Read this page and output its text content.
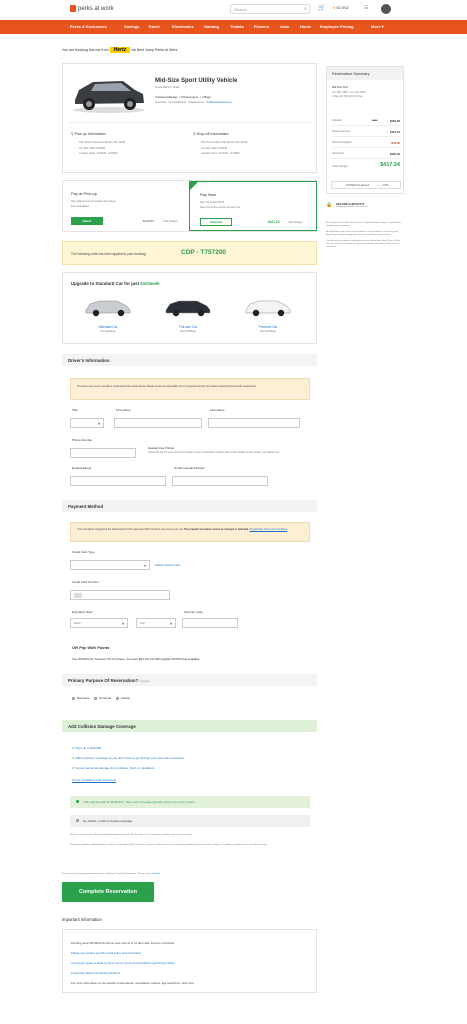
perks at work	Search	⌕ 🛒 ● 62,902	☰
Perks & Exclusives	Savings Travel	Electronics	Gaming	Tickets	Flowers	Auto	Home Employee Pricing	More ▾
You are booking this car from Hertz via Next Jump Perks at Work
Mid-Size Sport Utility Vehicle
Toyota RAV4 or Similar
Unlimited Mileage  |  5 Passengers  |  4 Bags
Automatic · Air Conditioning · Unleaded Fuel · Additional Equipment ▸
⚲ Pick-up Information
100 Tremont Street Kla, Boston, MA, 02108
Jun 19th, 2018 12:00PM
Location Hours: 12:00AM - 11:59PM
⚲ Drop-off Information
100 Tremont Street Kla, Boston, MA, 02108
Jun 21st, 2018 12:00PM
Location Hours: 12:00AM - 11:59PM
Pay at Pick-up
Pay rental amount at location upon pickup
Free cancellation
Select	$428.80	Total Charges
Pay Now
Pay now to save $6.29
Save time at the counter and pay now
Selected	$417.24	Total Charges
The following code has been applied to your booking:	CDP - T757200
Upgrade to Standard Car for just $10/week
Standard Car
Plus $2/Week
Full-size Car
Plus $10/Week
Premium Car
Plus $14/Week
Driver's Information
The driver may need to provide a credit card at the rental counter. Please review the acceptable forms of payment for this car rental to determine the specific requirement.
Title
▾
First Name	Last Name
Phone Number
Hassle-Free Pickup
Check this box for a one-time text reminder of your confirmation number and counter details 6 hours before your pickup time.
Email Address	Confirm Email Address
Payment Method
Your card will be charged for the total amount of this reservation $417.24 when you reserve your car. This prepaid reservation cannot be changed or refunded. Prepaid Rate Terms and Conditions
Credit Card Type
▾	Select Saved Card
Credit Card Number
Expiration Date
Month	▾	Year	▾
Security Code
OR Pay With Points
Use WOWPoints Towards This Purchase. You have $94,122 (41,360) eligible WOWPoints available.
Primary Purpose Of Reservation? Optional
Business	Personal	Family
Add Collision Damage Coverage
✔ Pays up to $40,000
✔ Offers primary coverage so you don't have to go through your own auto insurance
✔ Covers rental car damage from collision, theft, or vandalism.
Terms, conditions and exclusions
YES, add this plan for $9.99/day*. Save now! Coverage typically costs more at the counter.
No, thanks. I prefer to decline coverage.
*Rate for customers with a New York State billing address fee will be $7.99 per day. CDI is charged per rental day and is per car per rental.
Offered through Allianz Global Assistance. Insurance underwritten by BCS Insurance Company or Jefferson Insurance Company, depending on insured's state of residence. Visit Allianz's website to learn more about this plan.
Please read the important information before clicking "Complete Reservation". You are using Go Now
Complete Reservation
Important Information
Pending travel WOWPoints will not post until up to 21 days after travel is completed.
Please see location specific rental policy and information
You hereby agree to abide by Next Jump's Terms And Conditions and Privacy Policy.
Frequently Asked Car Rental Questions
For more information on car-specific rental policies, cancellation policies, age restrictions, click here.
Reservation Summary
Mid-Size SUV
Jun 19th, 2018 - Jun 21st, 2018
2 Days @ USD 221.00 / Day
Subtotal	$442	$384.28
Taxes and Fees	$113.04
Discount Applied	-$43.56
Total Price	$460.46
Total Charges	$417.24
WOWPoints Earned	● 3,333
🔒 SECURE CHECKOUT
Shopping is always safe at Hertz.
Next Jump Perks at Work will send your credit information to Hertz Corporation to complete your reservation.

All rates/fees in your rental car reservation is pre-tax advance. Rates may vary depending on optional equipment and extras purchased at the counter.

You will receive a separate confirmation via email from Next Jump Perks at Work. You can view this reservation at any time via the Account section of the site or e-mail below.
